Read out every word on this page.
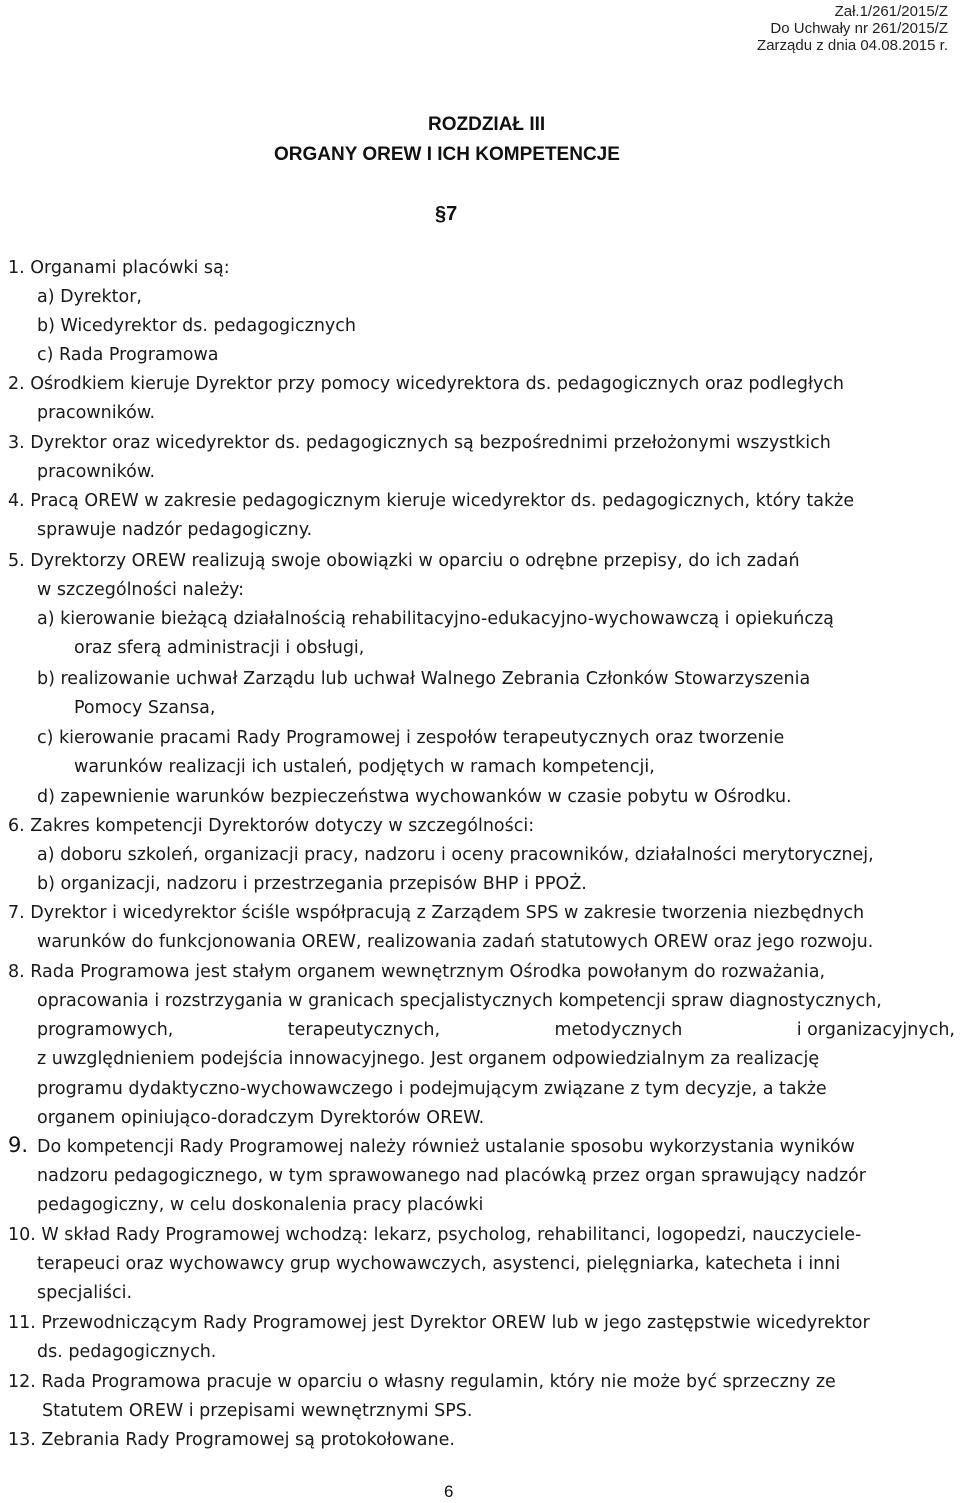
Zał.1/261/2015/Z
Do Uchwały nr 261/2015/Z
Zarządu z dnia 04.08.2015 r.
ROZDZIAŁ III
ORGANY OREW I ICH KOMPETENCJE
§7
1. Organami placówki są:
a) Dyrektor,
b) Wicedyrektor ds. pedagogicznych
c) Rada Programowa
2. Ośrodkiem kieruje Dyrektor przy pomocy wicedyrektora ds. pedagogicznych oraz podległych
pracowników.
3. Dyrektor oraz wicedyrektor ds. pedagogicznych są bezpośrednimi przełożonymi wszystkich
pracowników.
4. Pracą OREW w zakresie pedagogicznym kieruje wicedyrektor ds. pedagogicznych, który także
sprawuje nadzór pedagogiczny.
5. Dyrektorzy OREW realizują swoje obowiązki w oparciu o odrębne przepisy, do ich zadań
w szczególności należy:
a) kierowanie bieżącą działalnością rehabilitacyjno-edukacyjno-wychowawczą i opiekuńczą
oraz sferą administracji i obsługi,
b) realizowanie uchwał Zarządu lub uchwał Walnego Zebrania Członków Stowarzyszenia
Pomocy Szansa,
c) kierowanie pracami Rady Programowej i zespołów terapeutycznych oraz tworzenie
warunków realizacji ich ustaleń, podjętych w ramach kompetencji,
d) zapewnienie warunków bezpieczeństwa wychowanków w czasie pobytu w Ośrodku.
6. Zakres kompetencji Dyrektorów dotyczy w szczególności:
a) doboru szkoleń, organizacji pracy, nadzoru i oceny pracowników, działalności merytorycznej,
b) organizacji, nadzoru i przestrzegania przepisów BHP i PPOŻ.
7. Dyrektor i wicedyrektor ściśle współpracują z Zarządem SPS w zakresie tworzenia niezbędnych
warunków do funkcjonowania OREW, realizowania zadań statutowych OREW oraz jego rozwoju.
8. Rada Programowa jest stałym organem wewnętrznym Ośrodka powołanym do rozważania,
opracowania i rozstrzygania w granicach specjalistycznych kompetencji spraw diagnostycznych,
programowych,	terapeutycznych,	metodycznych	i organizacyjnych,
z uwzględnieniem podejścia innowacyjnego. Jest organem odpowiedzialnym za realizację
programu dydaktyczno-wychowawczego i podejmującym związane z tym decyzje, a także
organem opiniująco-doradczym Dyrektorów OREW.
9. Do kompetencji Rady Programowej należy również ustalanie sposobu wykorzystania wyników
nadzoru pedagogicznego, w tym sprawowanego nad placówką przez organ sprawujący nadzór
pedagogiczny, w celu doskonalenia pracy placówki
10. W skład Rady Programowej wchodzą: lekarz, psycholog, rehabilitanci, logopedzi, nauczyciele-
terapeuci oraz wychowawcy grup wychowawczych, asystenci, pielęgniarka, katecheta i inni
specjaliści.
11. Przewodniczącym Rady Programowej jest Dyrektor OREW lub w jego zastępstwie wicedyrektor
ds. pedagogicznych.
12. Rada Programowa pracuje w oparciu o własny regulamin, który nie może być sprzeczny ze
Statutem OREW i przepisami wewnętrznymi SPS.
13. Zebrania Rady Programowej są protokołowane.
6
